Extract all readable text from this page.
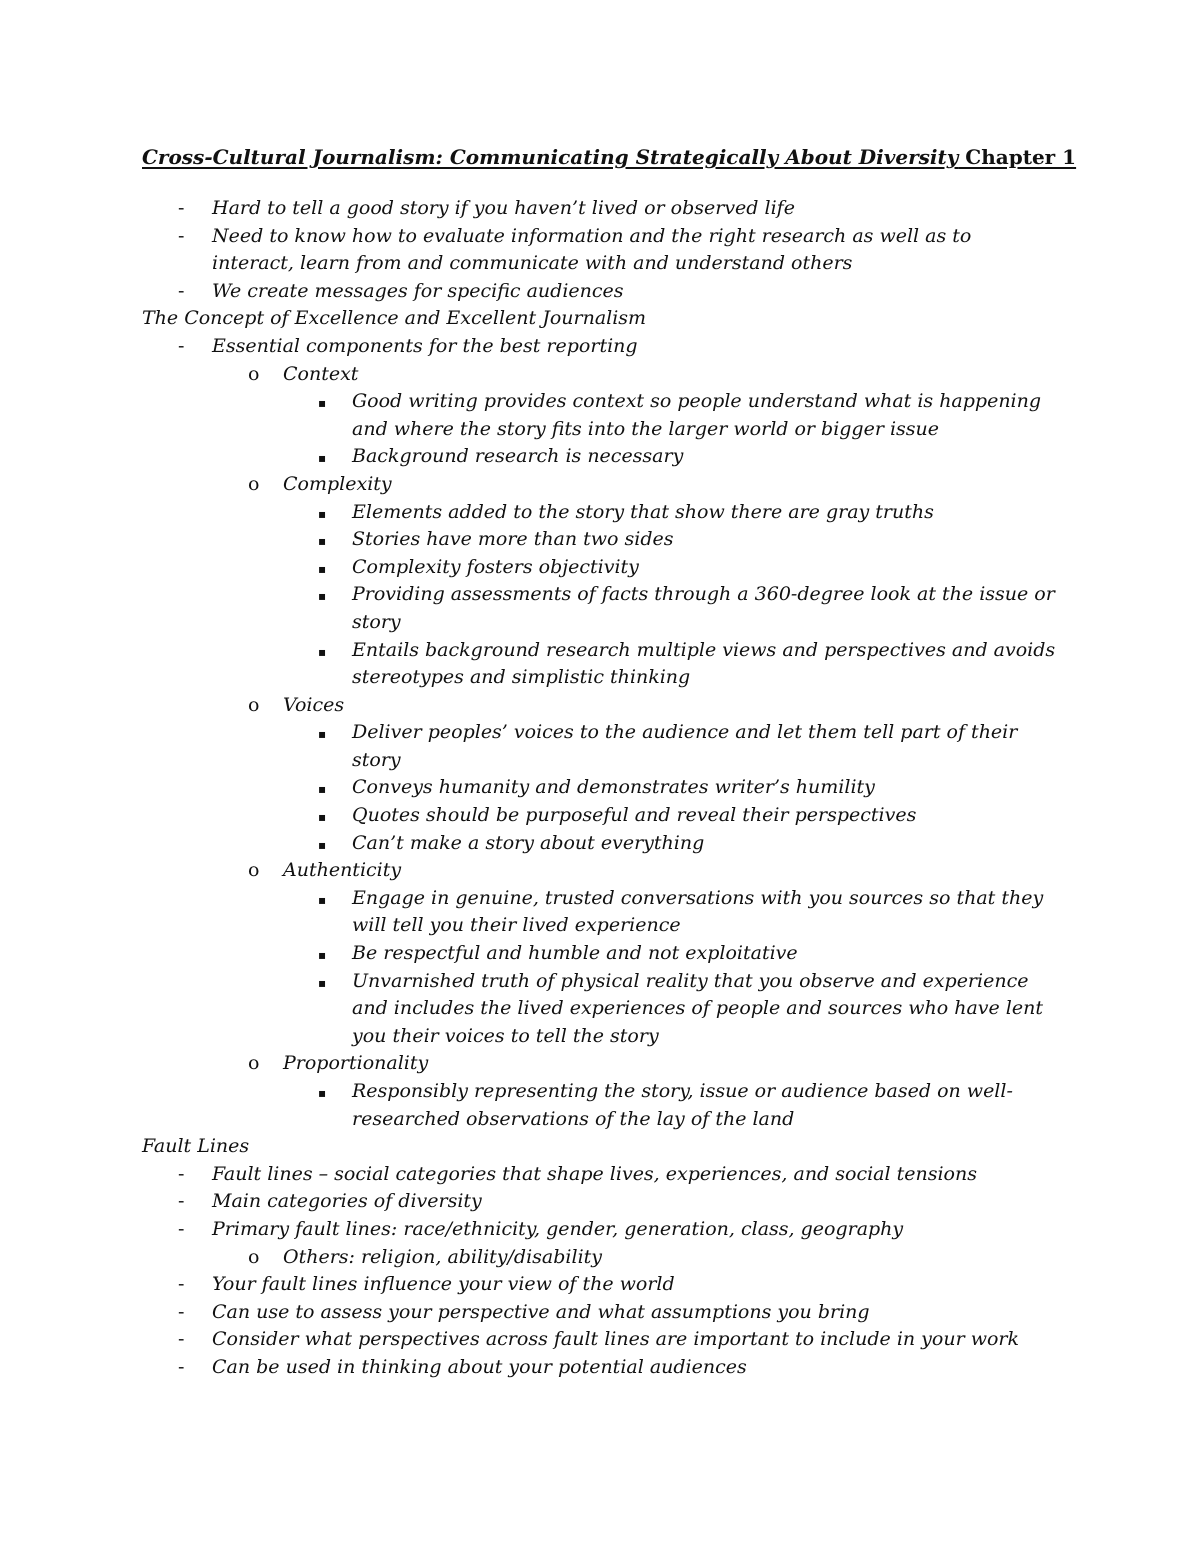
Cross-Cultural Journalism: Communicating Strategically About Diversity Chapter 1
- Hard to tell a good story if you haven’t lived or observed life
- Need to know how to evaluate information and the right research as well as to
interact, learn from and communicate with and understand others
- We create messages for specific audiences
The Concept of Excellence and Excellent Journalism
- Essential components for the best reporting
o Context
▪ Good writing provides context so people understand what is happening
and where the story fits into the larger world or bigger issue
▪ Background research is necessary
o Complexity
▪ Elements added to the story that show there are gray truths
▪ Stories have more than two sides
▪ Complexity fosters objectivity
▪ Providing assessments of facts through a 360-degree look at the issue or
story
▪ Entails background research multiple views and perspectives and avoids
stereotypes and simplistic thinking
o Voices
▪ Deliver peoples’ voices to the audience and let them tell part of their
story
▪ Conveys humanity and demonstrates writer’s humility
▪ Quotes should be purposeful and reveal their perspectives
▪ Can’t make a story about everything
o Authenticity
▪ Engage in genuine, trusted conversations with you sources so that they
will tell you their lived experience
▪ Be respectful and humble and not exploitative
▪ Unvarnished truth of physical reality that you observe and experience
and includes the lived experiences of people and sources who have lent
you their voices to tell the story
o Proportionality
▪ Responsibly representing the story, issue or audience based on well-
researched observations of the lay of the land
Fault Lines
- Fault lines – social categories that shape lives, experiences, and social tensions
- Main categories of diversity
- Primary fault lines: race/ethnicity, gender, generation, class, geography
o Others: religion, ability/disability
- Your fault lines influence your view of the world
- Can use to assess your perspective and what assumptions you bring
- Consider what perspectives across fault lines are important to include in your work
- Can be used in thinking about your potential audiences
